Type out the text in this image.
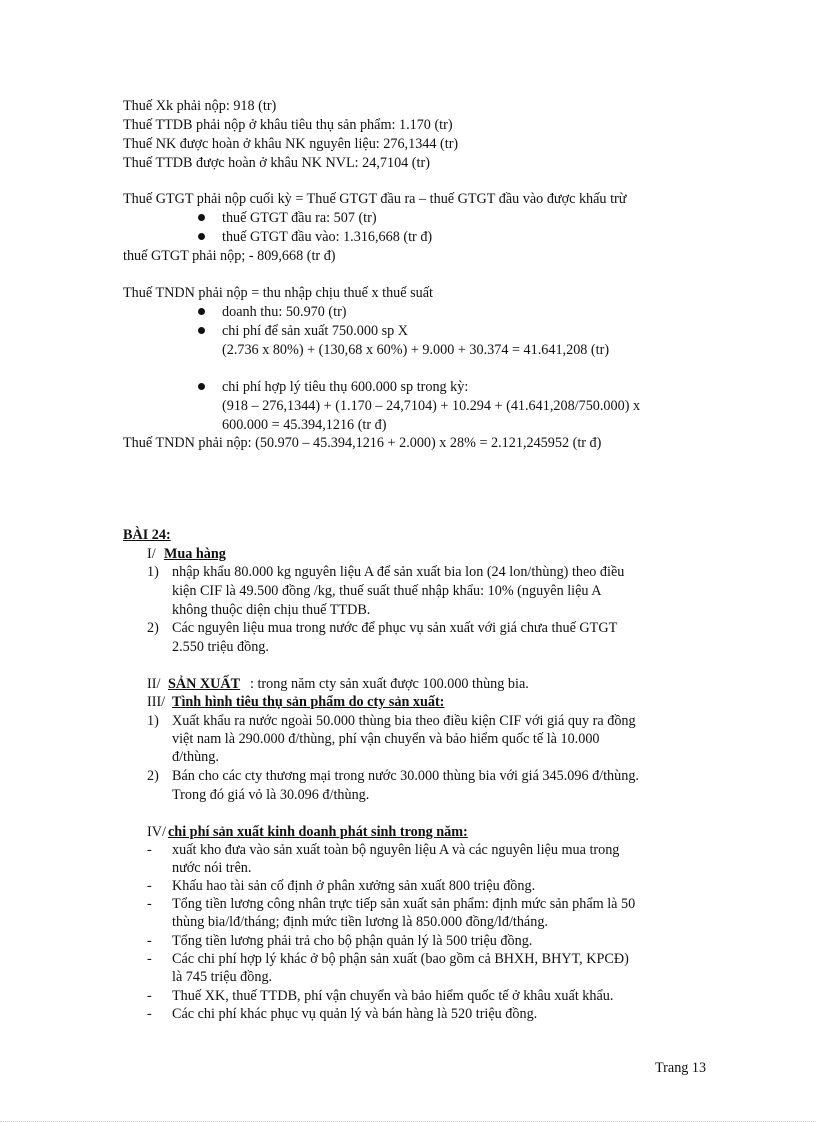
Thuế Xk phải nộp: 918 (tr)
Thuế TTDB phải nộp ở khâu tiêu thụ sản phẩm: 1.170 (tr)
Thuế NK được hoàn ở khâu NK nguyên liệu: 276,1344 (tr)
Thuế TTDB được hoàn ở khâu NK NVL: 24,7104 (tr)
Thuế GTGT phải nộp cuối kỳ = Thuế GTGT đầu ra – thuế GTGT đầu vào được khấu trừ
thuế GTGT đầu ra: 507 (tr)
thuế GTGT đầu vào: 1.316,668 (tr đ)
thuế GTGT phải nộp; - 809,668 (tr đ)
Thuế TNDN phải nộp = thu nhập chịu thuế x thuế suất
doanh thu: 50.970 (tr)
chi phí để sản xuất 750.000 sp X
(2.736 x 80%) + (130,68 x 60%) + 9.000 + 30.374 = 41.641,208 (tr)
chi phí hợp lý tiêu thụ 600.000 sp trong kỳ:
(918 – 276,1344) + (1.170 – 24,7104) + 10.294 + (41.641,208/750.000) x
600.000 = 45.394,1216 (tr đ)
Thuế TNDN phải nộp: (50.970 – 45.394,1216 + 2.000) x 28% = 2.121,245952 (tr đ)
BÀI 24:
I/ Mua hàng
1) nhập khẩu 80.000 kg nguyên liệu A để sản xuất bia lon (24 lon/thùng) theo điều
kiện CIF là 49.500 đồng /kg, thuế suất thuế nhập khẩu: 10% (nguyên liệu A
không thuộc diện chịu thuế TTDB.
2) Các nguyên liệu mua trong nước để phục vụ sản xuất với giá chưa thuế GTGT
2.550 triệu đồng.
II/ SẢN XUẤT : trong năm cty sản xuất được 100.000 thùng bia.
III/ Tình hình tiêu thụ sản phẩm do cty sản xuất:
1) Xuất khẩu ra nước ngoài 50.000 thùng bia theo điều kiện CIF với giá quy ra đồng
việt nam là 290.000 đ/thùng, phí vận chuyển và bảo hiểm quốc tế là 10.000
đ/thùng.
2) Bán cho các cty thương mại trong nước 30.000 thùng bia với giá 345.096 đ/thùng.
Trong đó giá vỏ là 30.096 đ/thùng.
IV/ chi phí sản xuất kinh doanh phát sinh trong năm:
- xuất kho đưa vào sản xuất toàn bộ nguyên liệu A và các nguyên liệu mua trong
nước nói trên.
- Khấu hao tài sản cố định ở phân xưởng sản xuất 800 triệu đồng.
- Tổng tiền lương công nhân trực tiếp sản xuất sản phẩm: định mức sản phẩm là 50
thùng bia/lđ/tháng; định mức tiền lương là 850.000 đồng/lđ/tháng.
- Tổng tiền lương phải trả cho bộ phận quản lý là 500 triệu đồng.
- Các chi phí hợp lý khác ở bộ phận sản xuất (bao gồm cả BHXH, BHYT, KPCĐ)
là 745 triệu đồng.
- Thuế XK, thuế TTDB, phí vận chuyển và bảo hiểm quốc tế ở khâu xuất khẩu.
- Các chi phí khác phục vụ quản lý và bán hàng là 520 triệu đồng.
Trang 13
